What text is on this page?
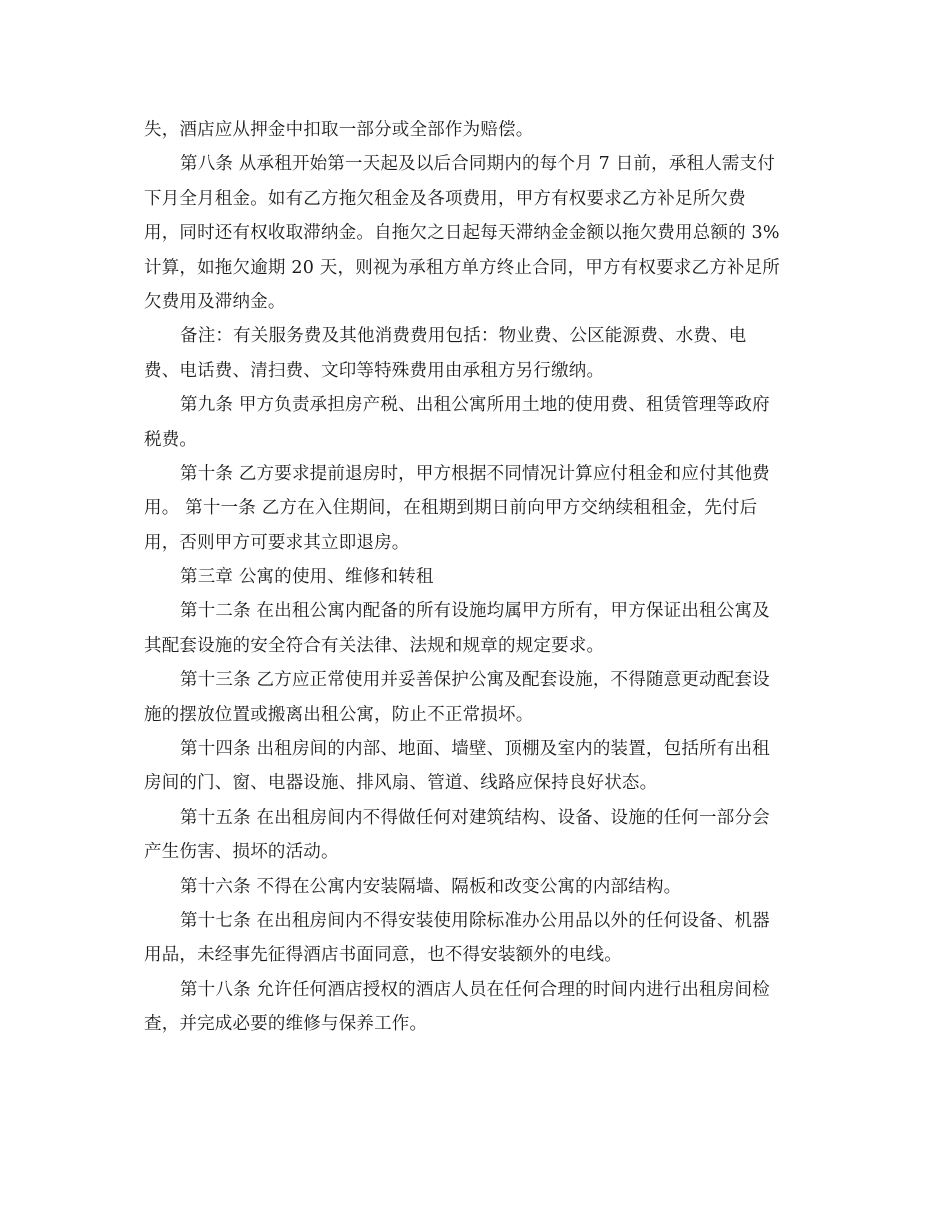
失，酒店应从押金中扣取一部分或全部作为赔偿。
第八条 从承租开始第一天起及以后合同期内的每个月 7 日前，承租人需支付
下月全月租金。如有乙方拖欠租金及各项费用，甲方有权要求乙方补足所欠费
用，同时还有权收取滞纳金。自拖欠之日起每天滞纳金金额以拖欠费用总额的 3%
计算，如拖欠逾期 20 天，则视为承租方单方终止合同，甲方有权要求乙方补足所
欠费用及滞纳金。
备注：有关服务费及其他消费费用包括：物业费、公区能源费、水费、电
费、电话费、清扫费、文印等特殊费用由承租方另行缴纳。
第九条 甲方负责承担房产税、出租公寓所用土地的使用费、租赁管理等政府
税费。
第十条 乙方要求提前退房时，甲方根据不同情况计算应付租金和应付其他费
用。 第十一条 乙方在入住期间，在租期到期日前向甲方交纳续租租金，先付后
用，否则甲方可要求其立即退房。
第三章 公寓的使用、维修和转租
第十二条 在出租公寓内配备的所有设施均属甲方所有，甲方保证出租公寓及
其配套设施的安全符合有关法律、法规和规章的规定要求。
第十三条 乙方应正常使用并妥善保护公寓及配套设施，不得随意更动配套设
施的摆放位置或搬离出租公寓，防止不正常损坏。
第十四条 出租房间的内部、地面、墙壁、顶棚及室内的装置，包括所有出租
房间的门、窗、电器设施、排风扇、管道、线路应保持良好状态。
第十五条 在出租房间内不得做任何对建筑结构、设备、设施的任何一部分会
产生伤害、损坏的活动。
第十六条 不得在公寓内安装隔墙、隔板和改变公寓的内部结构。
第十七条 在出租房间内不得安装使用除标准办公用品以外的任何设备、机器
用品，未经事先征得酒店书面同意，也不得安装额外的电线。
第十八条 允许任何酒店授权的酒店人员在任何合理的时间内进行出租房间检
查，并完成必要的维修与保养工作。
